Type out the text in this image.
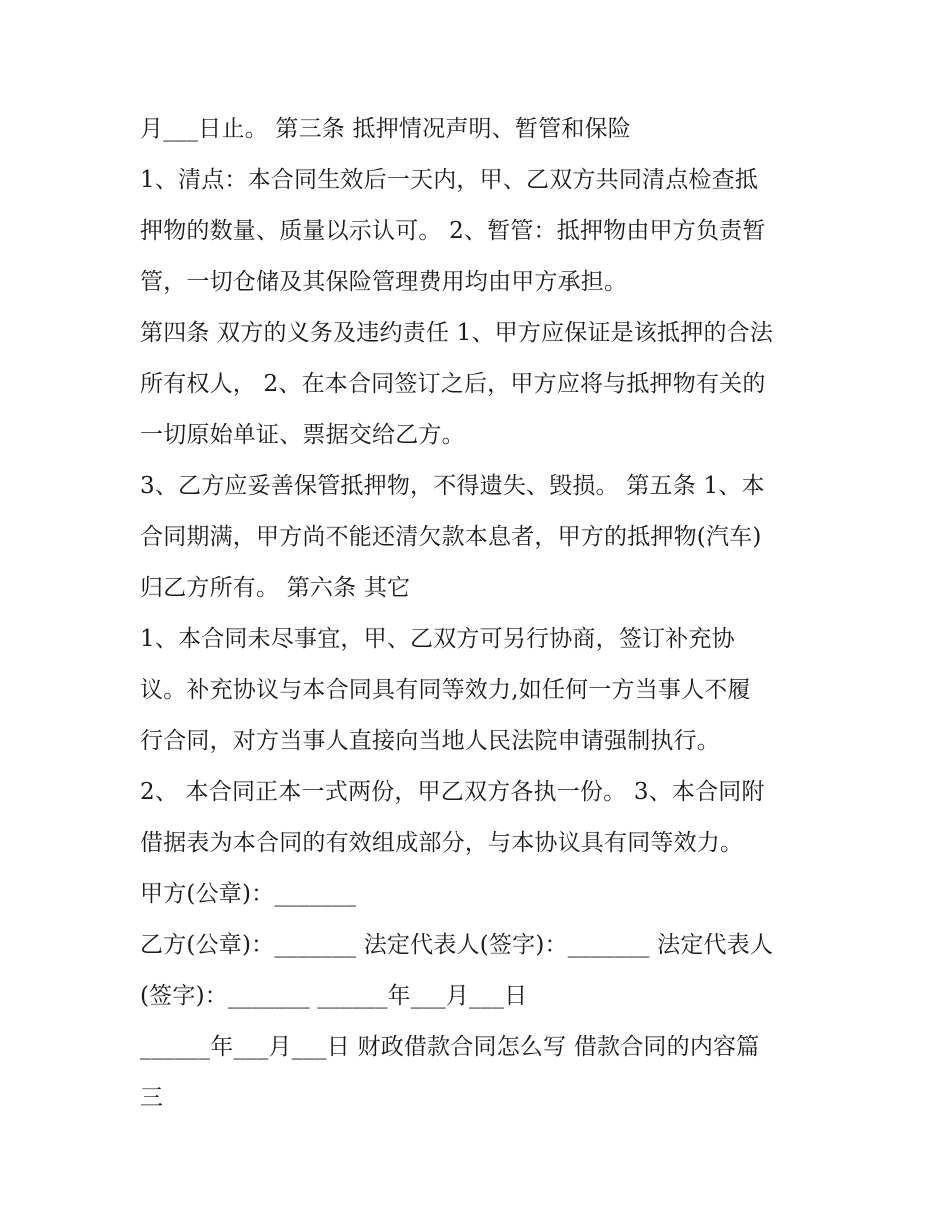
月___日止。 第三条 抵押情况声明、暂管和保险
1、清点：本合同生效后一天内，甲、乙双方共同清点检查抵
押物的数量、质量以示认可。 2、暂管：抵押物由甲方负责暂
管，一切仓储及其保险管理费用均由甲方承担。
第四条 双方的义务及违约责任 1、甲方应保证是该抵押的合法
所有权人， 2、在本合同签订之后，甲方应将与抵押物有关的
一切原始单证、票据交给乙方。
3、乙方应妥善保管抵押物，不得遗失、毁损。 第五条 1、本
合同期满，甲方尚不能还清欠款本息者，甲方的抵押物(汽车)
归乙方所有。 第六条 其它
1、本合同未尽事宜，甲、乙双方可另行协商，签订补充协
议。补充协议与本合同具有同等效力,如任何一方当事人不履
行合同，对方当事人直接向当地人民法院申请强制执行。
2、 本合同正本一式两份，甲乙双方各执一份。 3、本合同附
借据表为本合同的有效组成部分，与本协议具有同等效力。
甲方(公章)：_______
乙方(公章)：_______ 法定代表人(签字)：_______ 法定代表人
(签字)：_______ ______年___月___日
______年___月___日 财政借款合同怎么写 借款合同的内容篇
三
